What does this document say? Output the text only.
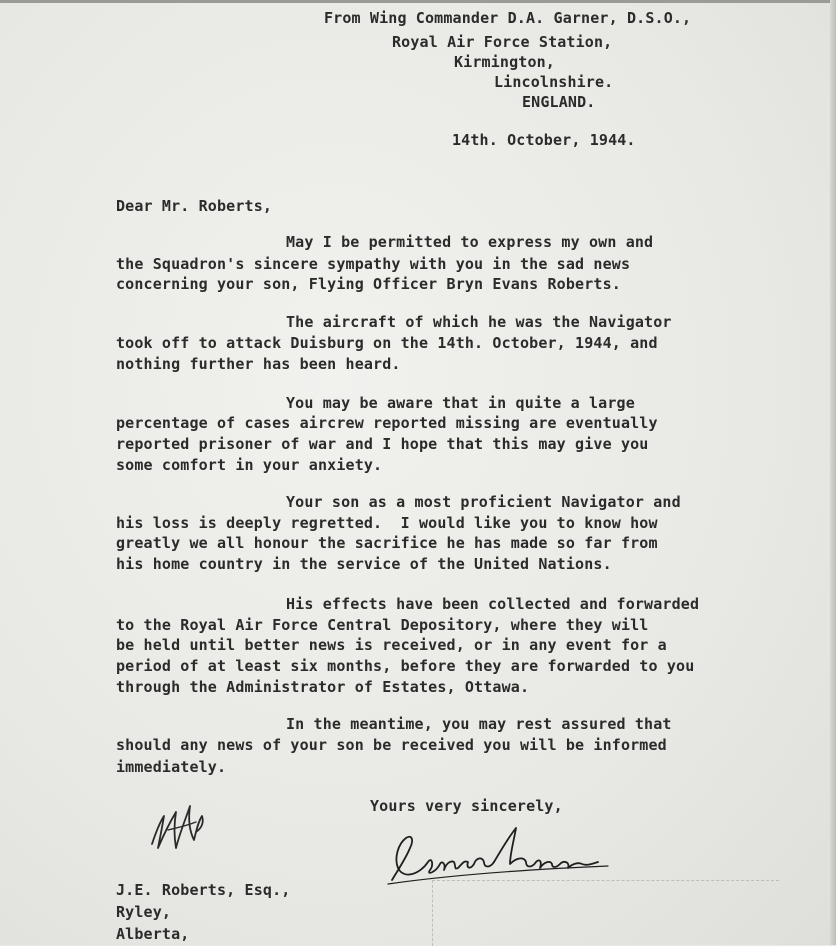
From Wing Commander D.A. Garner, D.S.O.,
Royal Air Force Station,
Kirmington,
Lincolnshire.
ENGLAND.
14th. October, 1944.
Dear Mr. Roberts,
May I be permitted to express my own and
the Squadron's sincere sympathy with you in the sad news
concerning your son, Flying Officer Bryn Evans Roberts.
The aircraft of which he was the Navigator
took off to attack Duisburg on the 14th. October, 1944, and
nothing further has been heard.
You may be aware that in quite a large
percentage of cases aircrew reported missing are eventually
reported prisoner of war and I hope that this may give you
some comfort in your anxiety.
Your son as a most proficient Navigator and
his loss is deeply regretted.  I would like you to know how
greatly we all honour the sacrifice he has made so far from
his home country in the service of the United Nations.
His effects have been collected and forwarded
to the Royal Air Force Central Depository, where they will
be held until better news is received, or in any event for a
period of at least six months, before they are forwarded to you
through the Administrator of Estates, Ottawa.
In the meantime, you may rest assured that
should any news of your son be received you will be informed
immediately.
Yours very sincerely,
J.E. Roberts, Esq.,
Ryley,
Alberta,
